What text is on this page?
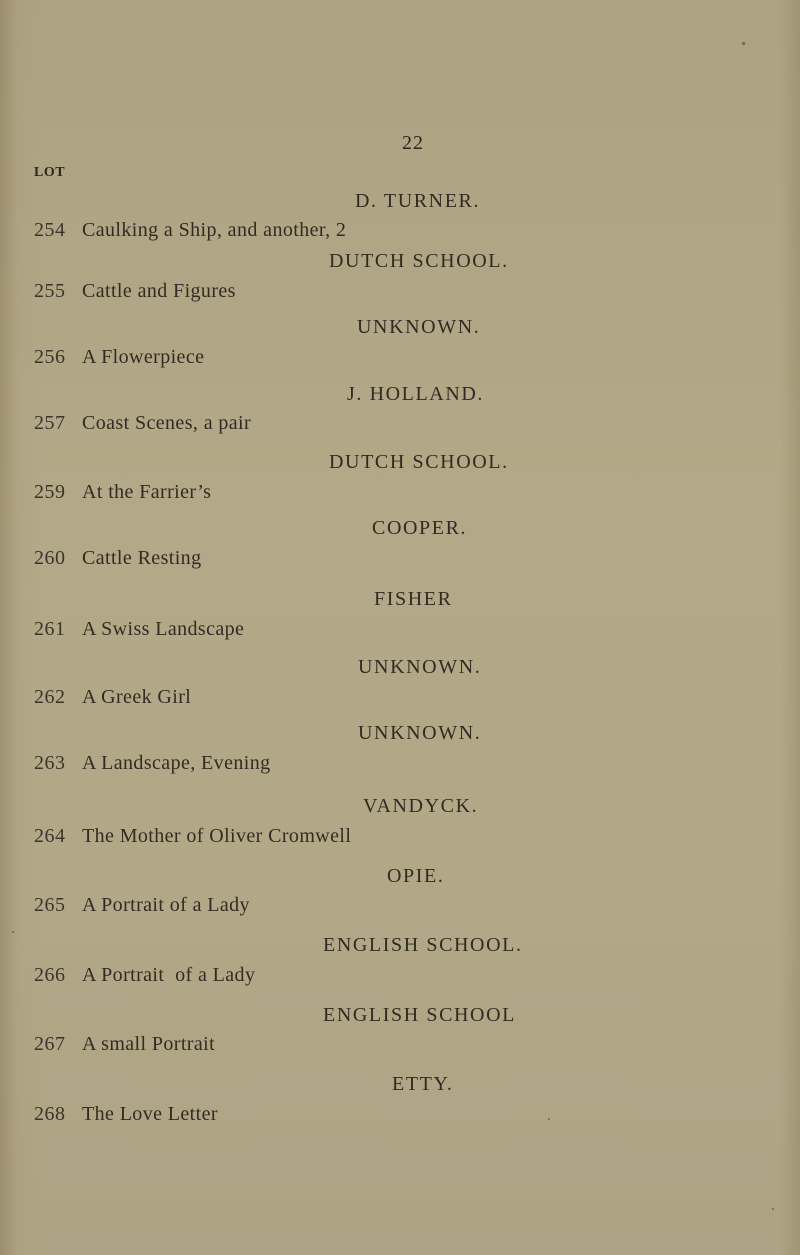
22
LOT
D. TURNER.
254 Caulking a Ship, and another, 2
DUTCH SCHOOL.
255 Cattle and Figures
UNKNOWN.
256 A Flowerpiece
J. HOLLAND.
257 Coast Scenes, a pair
DUTCH SCHOOL.
259 At the Farrier’s
COOPER.
260 Cattle Resting
FISHER
261 A Swiss Landscape
UNKNOWN.
262 A Greek Girl
UNKNOWN.
263 A Landscape, Evening
VANDYCK.
264 The Mother of Oliver Cromwell
OPIE.
265 A Portrait of a Lady
ENGLISH SCHOOL.
266 A Portrait  of a Lady
ENGLISH SCHOOL
267 A small Portrait
ETTY.
268 The Love Letter
